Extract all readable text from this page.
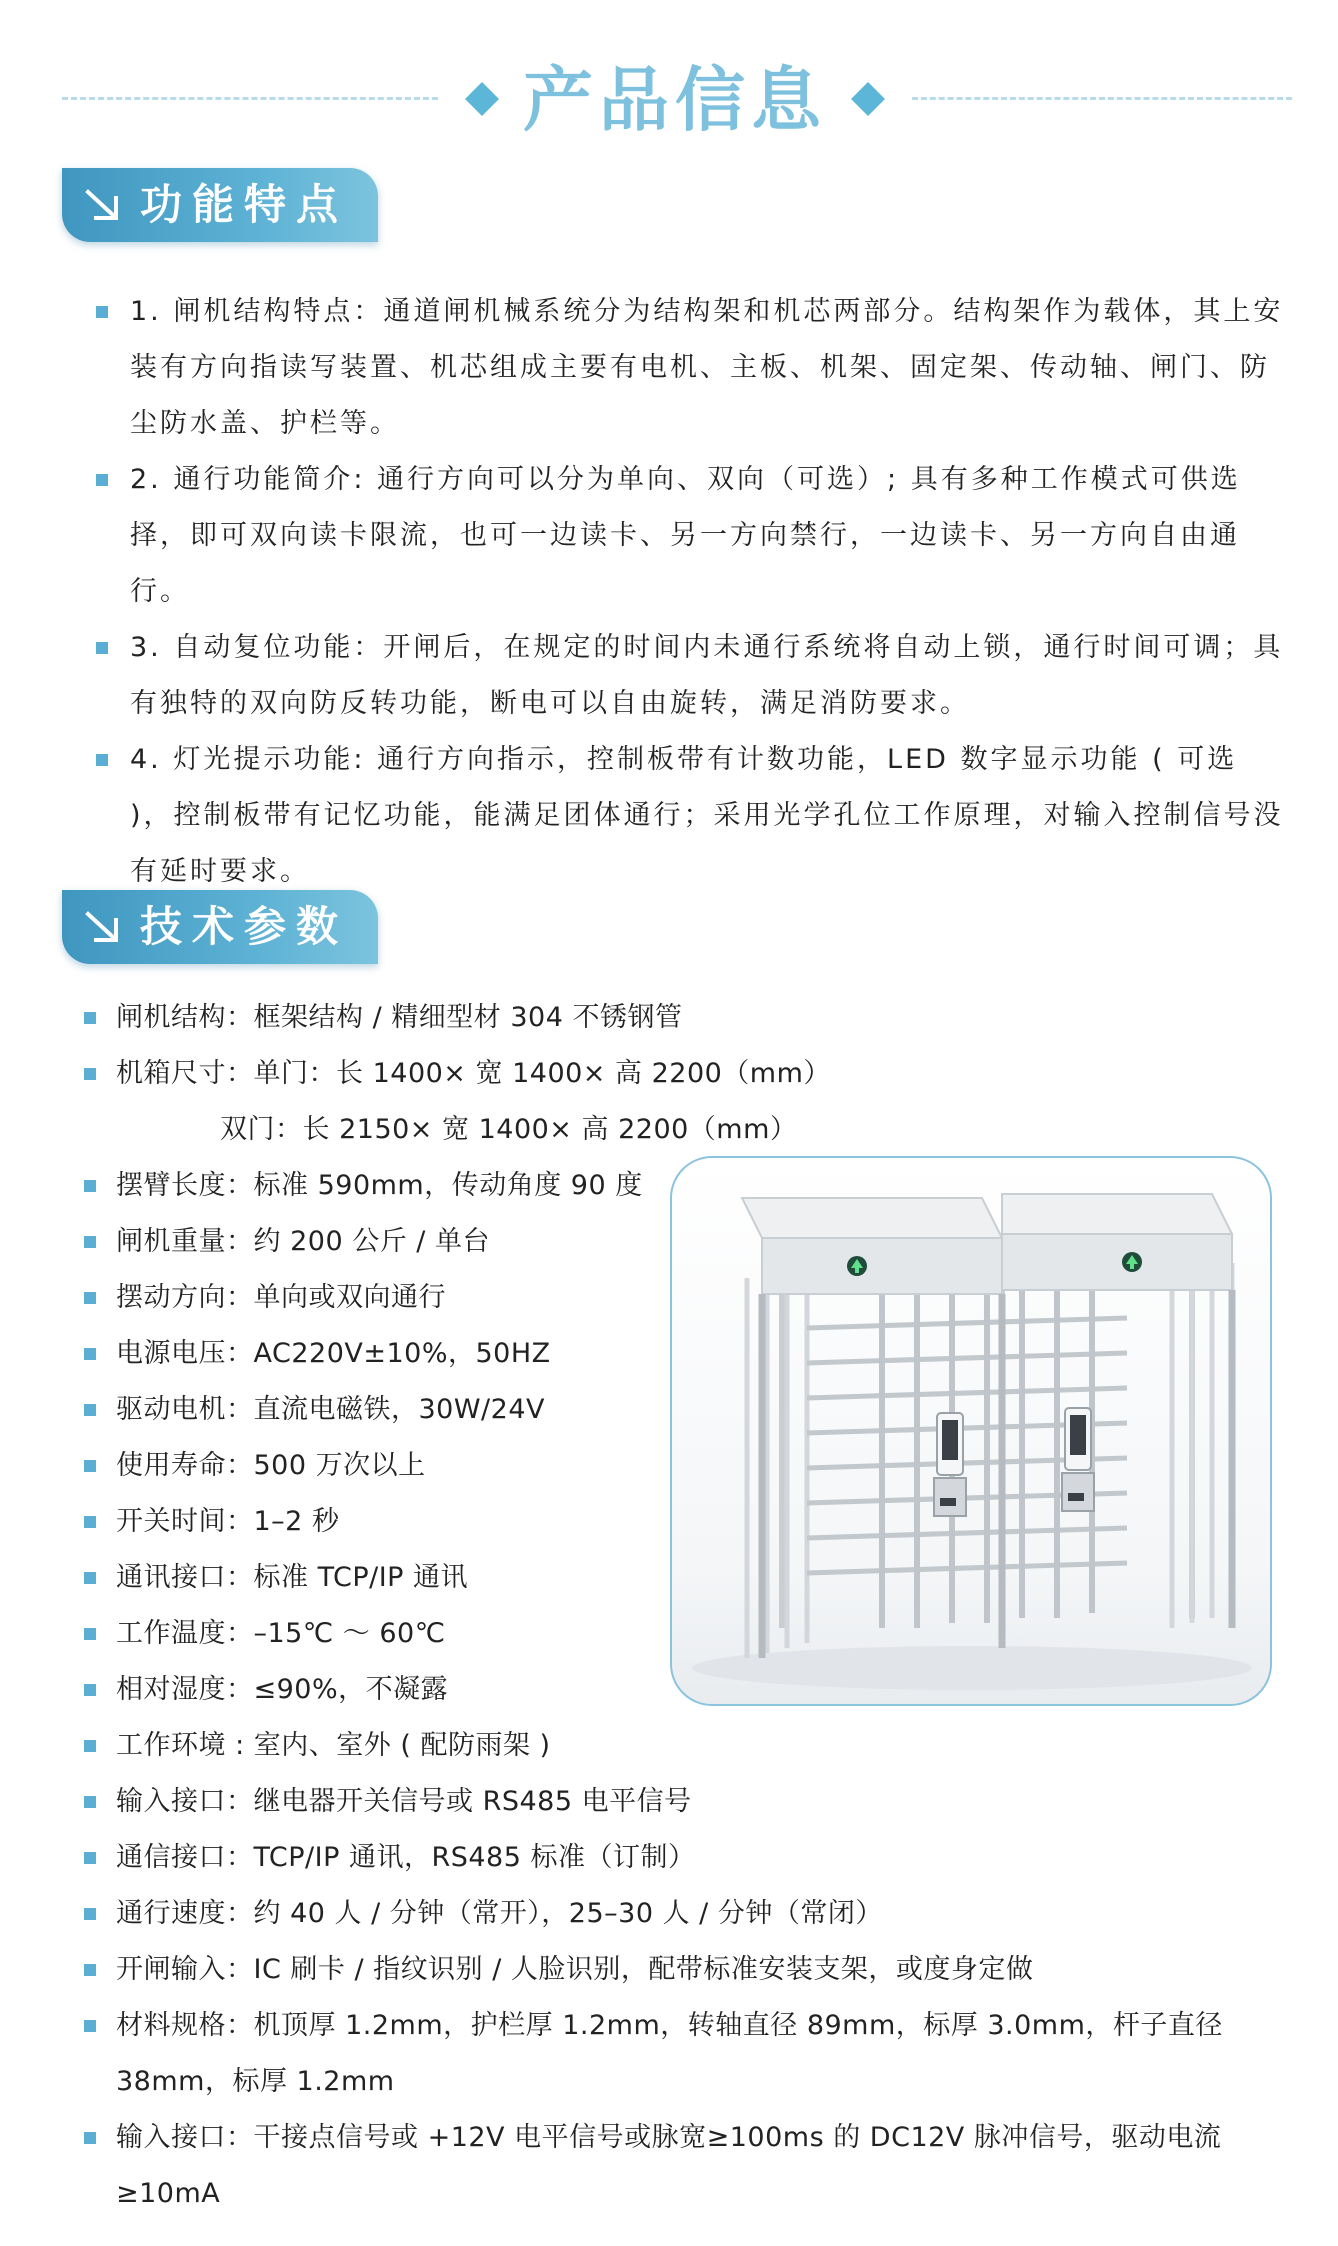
产品信息
功能特点
1. 闸机结构特点：通道闸机械系统分为结构架和机芯两部分。结构架作为载体，其上安装有方向指读写装置、机芯组成主要有电机、主板、机架、固定架、传动轴、闸门、防尘防水盖、护栏等。
2. 通行功能简介: 通行方向可以分为单向、双向（可选）; 具有多种工作模式可供选择，即可双向读卡限流，也可一边读卡、另一方向禁行，一边读卡、另一方向自由通行。
3. 自动复位功能：开闸后，在规定的时间内未通行系统将自动上锁，通行时间可调；具有独特的双向防反转功能，断电可以自由旋转，满足消防要求。
4. 灯光提示功能: 通行方向指示，控制板带有计数功能，LED 数字显示功能 ( 可选 )，控制板带有记忆功能，能满足团体通行；采用光学孔位工作原理，对输入控制信号没有延时要求。
技术参数
闸机结构：框架结构 / 精细型材 304 不锈钢管
机箱尺寸：单门：长 1400× 宽 1400× 高 2200（mm）
双门：长 2150× 宽 1400× 高 2200（mm）
摆臂长度：标准 590mm，传动角度 90 度
闸机重量：约 200 公斤 / 单台
摆动方向：单向或双向通行
电源电压：AC220V±10%，50HZ
驱动电机：直流电磁铁，30W/24V
使用寿命：500 万次以上
开关时间：1–2 秒
通讯接口：标准 TCP/IP 通讯
工作温度：–15℃ ～ 60℃
相对湿度：≤90%，不凝露
工作环境 : 室内、室外 ( 配防雨架 )
输入接口：继电器开关信号或 RS485 电平信号
通信接口：TCP/IP 通讯，RS485 标准（订制）
通行速度：约 40 人 / 分钟（常开），25–30 人 / 分钟（常闭）
开闸输入：IC 刷卡 / 指纹识别 / 人脸识别，配带标准安装支架，或度身定做
材料规格：机顶厚 1.2mm，护栏厚 1.2mm，转轴直径 89mm，标厚 3.0mm，杆子直径38mm，标厚 1.2mm
输入接口：干接点信号或 +12V 电平信号或脉宽≥100ms 的 DC12V 脉冲信号，驱动电流≥10mA
